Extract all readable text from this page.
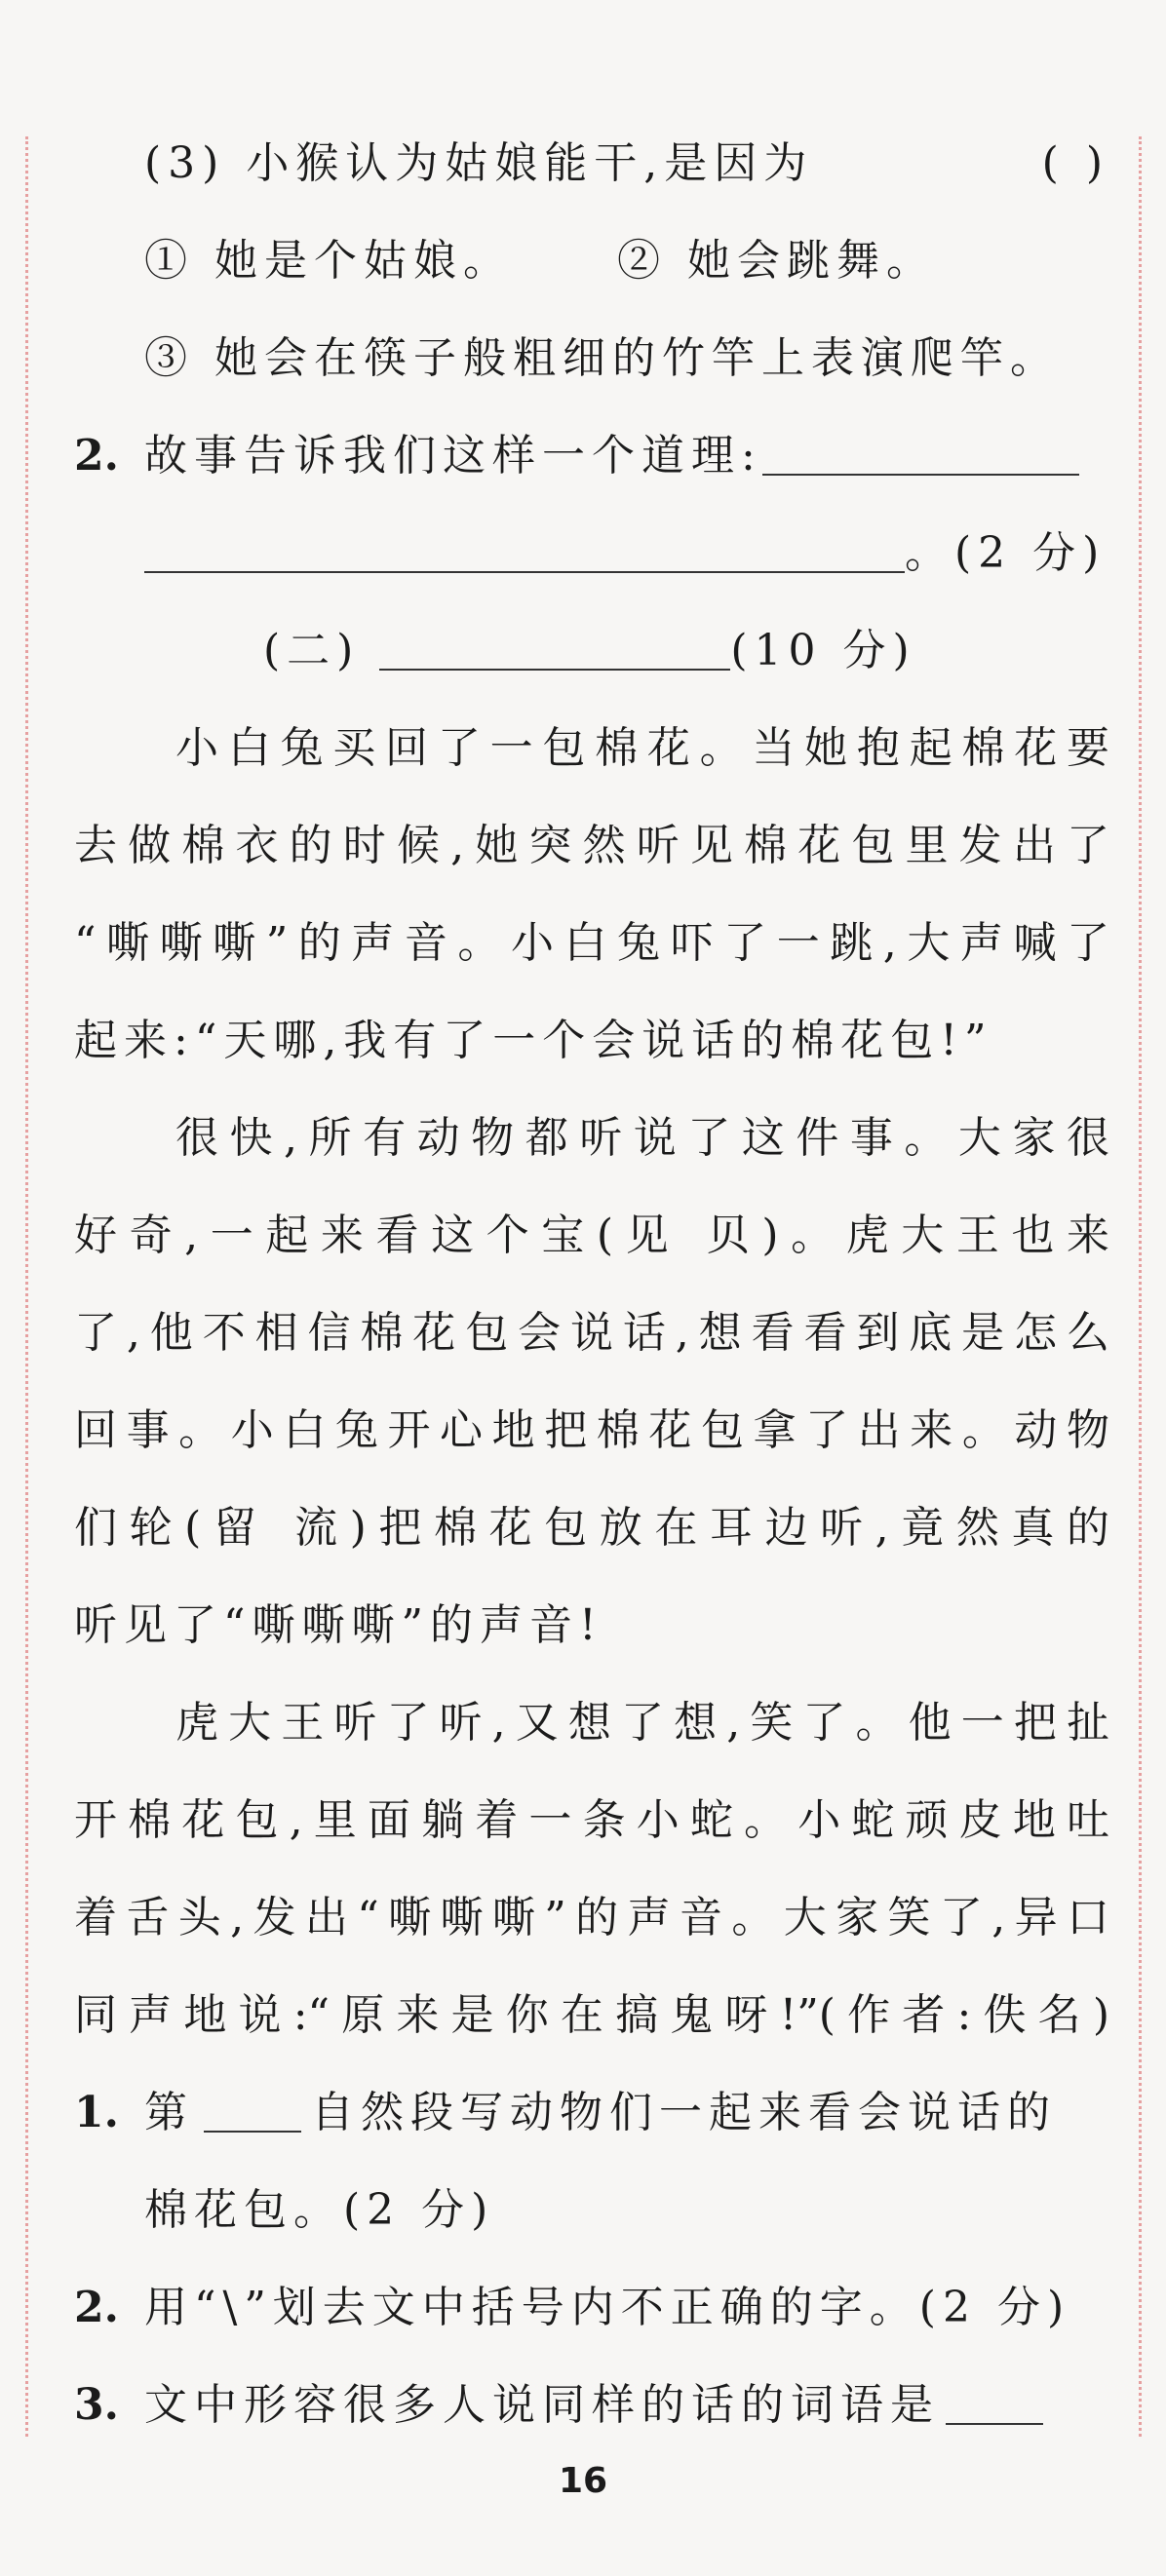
(3) 小猴认为姑娘能干,是因为	( )
① 她是个姑娘。 ② 她会跳舞。
③ 她会在筷子般粗细的竹竿上表演爬竿。
2. 故事告诉我们这样一个道理:
。(2 分)
(二)	(10 分)
小白兔买回了一包棉花。当她抱起棉花要
去做棉衣的时候,她突然听见棉花包里发出了
“嘶嘶嘶”的声音。小白兔吓了一跳,大声喊了
起来:“天哪,我有了一个会说话的棉花包!”
很快,所有动物都听说了这件事。大家很
好奇,一起来看这个宝(见 贝)。虎大王也来
了,他不相信棉花包会说话,想看看到底是怎么
回事。小白兔开心地把棉花包拿了出来。动物
们轮(留 流)把棉花包放在耳边听,竟然真的
听见了“嘶嘶嘶”的声音!
虎大王听了听,又想了想,笑了。他一把扯
开棉花包,里面躺着一条小蛇。小蛇顽皮地吐
着舌头,发出“嘶嘶嘶”的声音。大家笑了,异口
同声地说:“原来是你在搞鬼呀!”(作者:佚名)
1. 第	自然段写动物们一起来看会说话的
棉花包。(2 分)
2. 用“\”划去文中括号内不正确的字。(2 分)
3. 文中形容很多人说同样的话的词语是
16
